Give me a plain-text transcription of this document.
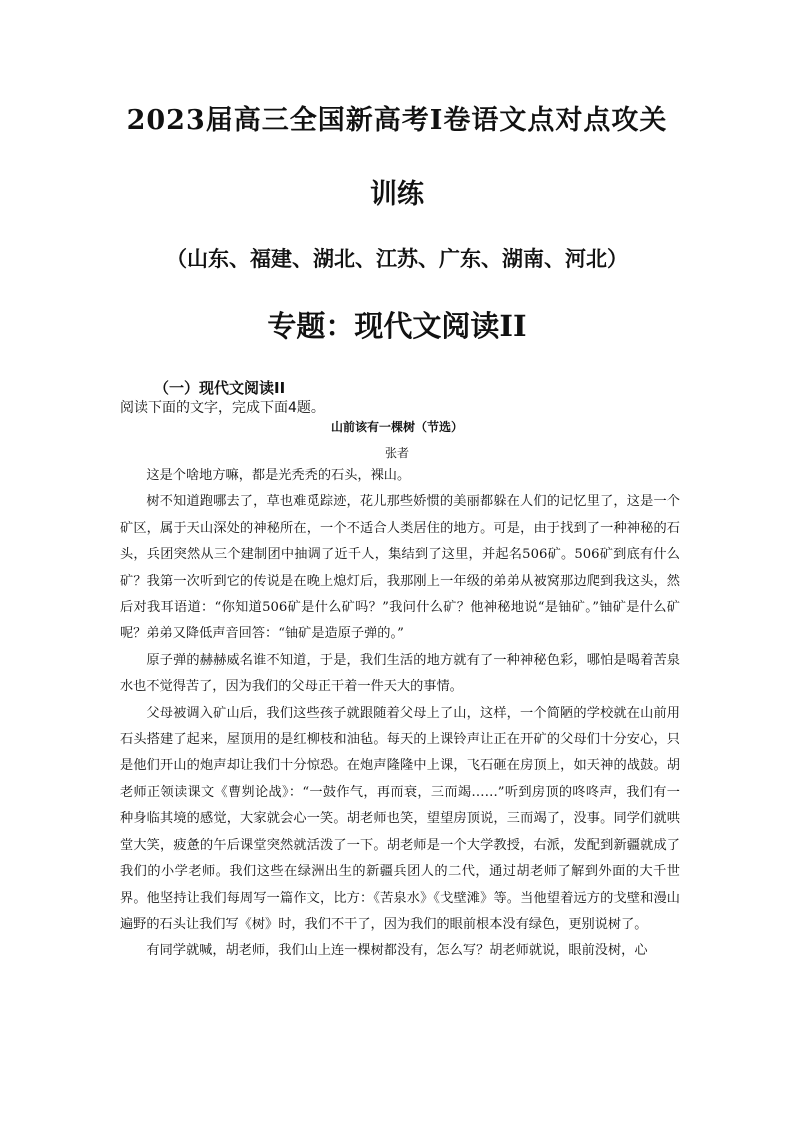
2023届高三全国新高考Ⅰ卷语文点对点攻关
训练
（山东、福建、湖北、江苏、广东、湖南、河北）
专题：现代文阅读II
（一）现代文阅读II
阅读下面的文字，完成下面4题。
山前该有一棵树（节选）
张者

这是个啥地方嘛，都是光秃秃的石头，裸山。

树不知道跑哪去了，草也难觅踪迹，花儿那些娇惯的美丽都躲在人们的记忆里了，这是一个矿区，属于天山深处的神秘所在，一个不适合人类居住的地方。可是，由于找到了一种神秘的石头，兵团突然从三个建制团中抽调了近千人，集结到了这里，并起名506矿。506矿到底有什么矿？我第一次听到它的传说是在晚上熄灯后，我那刚上一年级的弟弟从被窝那边爬到我这头，然后对我耳语道：“你知道506矿是什么矿吗？”我问什么矿？他神秘地说“是铀矿。”铀矿是什么矿呢？弟弟又降低声音回答：“铀矿是造原子弹的。”

原子弹的赫赫威名谁不知道，于是，我们生活的地方就有了一种神秘色彩，哪怕是喝着苦泉水也不觉得苦了，因为我们的父母正干着一件天大的事情。

父母被调入矿山后，我们这些孩子就跟随着父母上了山，这样，一个简陋的学校就在山前用石头搭建了起来，屋顶用的是红柳枝和油毡。每天的上课铃声让正在开矿的父母们十分安心，只是他们开山的炮声却让我们十分惊恐。在炮声隆隆中上课，飞石砸在房顶上，如天神的战鼓。胡老师正领读课文《曹刿论战》：“一鼓作气，再而衰，三而竭……”听到房顶的咚咚声，我们有一种身临其境的感觉，大家就会心一笑。胡老师也笑，望望房顶说，三而竭了，没事。同学们就哄堂大笑，疲惫的午后课堂突然就活泼了一下。胡老师是一个大学教授，右派，发配到新疆就成了我们的小学老师。我们这些在绿洲出生的新疆兵团人的二代，通过胡老师了解到外面的大千世界。他坚持让我们每周写一篇作文，比方：《苦泉水》《戈壁滩》等。当他望着远方的戈壁和漫山遍野的石头让我们写《树》时，我们不干了，因为我们的眼前根本没有绿色，更别说树了。

有同学就喊，胡老师，我们山上连一棵树都没有，怎么写？胡老师就说，眼前没树，心
